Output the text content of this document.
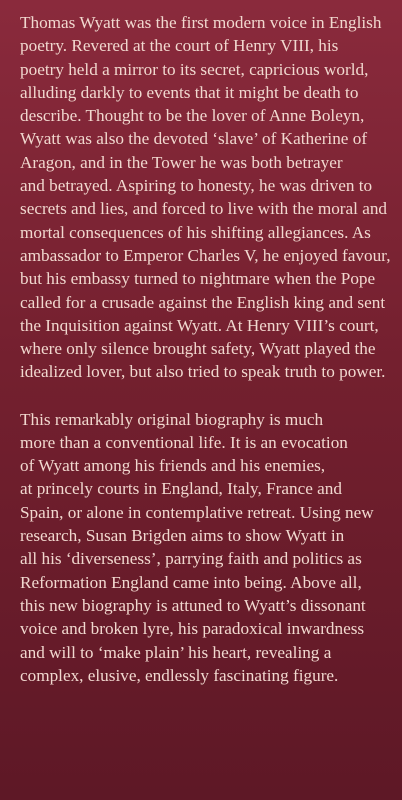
Thomas Wyatt was the first modern voice in English
poetry. Revered at the court of Henry VIII, his
poetry held a mirror to its secret, capricious world,
alluding darkly to events that it might be death to
describe. Thought to be the lover of Anne Boleyn,
Wyatt was also the devoted ‘slave’ of Katherine of
Aragon, and in the Tower he was both betrayer
and betrayed. Aspiring to honesty, he was driven to
secrets and lies, and forced to live with the moral and
mortal consequences of his shifting allegiances. As
ambassador to Emperor Charles V, he enjoyed favour,
but his embassy turned to nightmare when the Pope
called for a crusade against the English king and sent
the Inquisition against Wyatt. At Henry VIII’s court,
where only silence brought safety, Wyatt played the
idealized lover, but also tried to speak truth to power.

This remarkably original biography is much
more than a conventional life. It is an evocation
of Wyatt among his friends and his enemies,
at princely courts in England, Italy, France and
Spain, or alone in contemplative retreat. Using new
research, Susan Brigden aims to show Wyatt in
all his ‘diverseness’, parrying faith and politics as
Reformation England came into being. Above all,
this new biography is attuned to Wyatt’s dissonant
voice and broken lyre, his paradoxical inwardness
and will to ‘make plain’ his heart, revealing a
complex, elusive, endlessly fascinating figure.
